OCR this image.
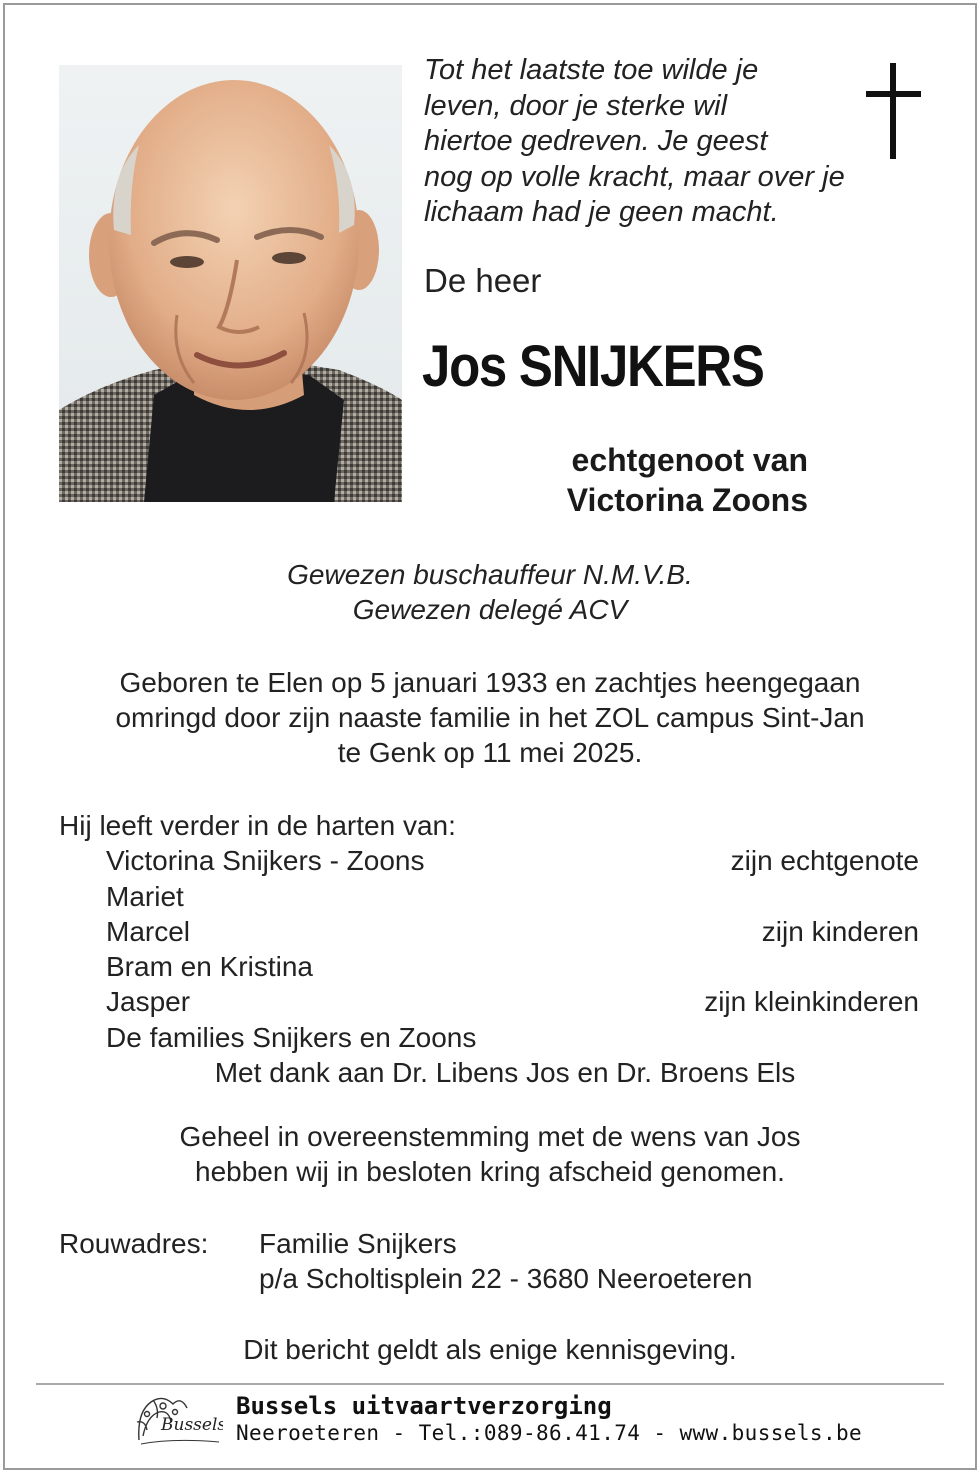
Tot het laatste toe wilde je
leven, door je sterke wil
hiertoe gedreven. Je geest
nog op volle kracht, maar over je
lichaam had je geen macht.
De heer
Jos SNIJKERS
echtgenoot van
Victorina Zoons
Gewezen buschauffeur N.M.V.B.
Gewezen delegé ACV
Geboren te Elen op 5 januari 1933 en zachtjes heengegaan
omringd door zijn naaste familie in het ZOL campus Sint-Jan
te Genk op 11 mei 2025.
Hij leeft verder in de harten van:
Victorina Snijkers - Zoons	zijn echtgenote
Mariet
Marcel	zijn kinderen
Bram en Kristina
Jasper	zijn kleinkinderen
De families Snijkers en Zoons
Met dank aan Dr. Libens Jos en Dr. Broens Els
Geheel in overeenstemming met de wens van Jos
hebben wij in besloten kring afscheid genomen.
Rouwadres: Familie Snijkers
p/a Scholtisplein 22 - 3680 Neeroeteren
Dit bericht geldt als enige kennisgeving.
Bussels
Bussels uitvaartverzorging
Neeroeteren - Tel.:089-86.41.74 - www.bussels.be
